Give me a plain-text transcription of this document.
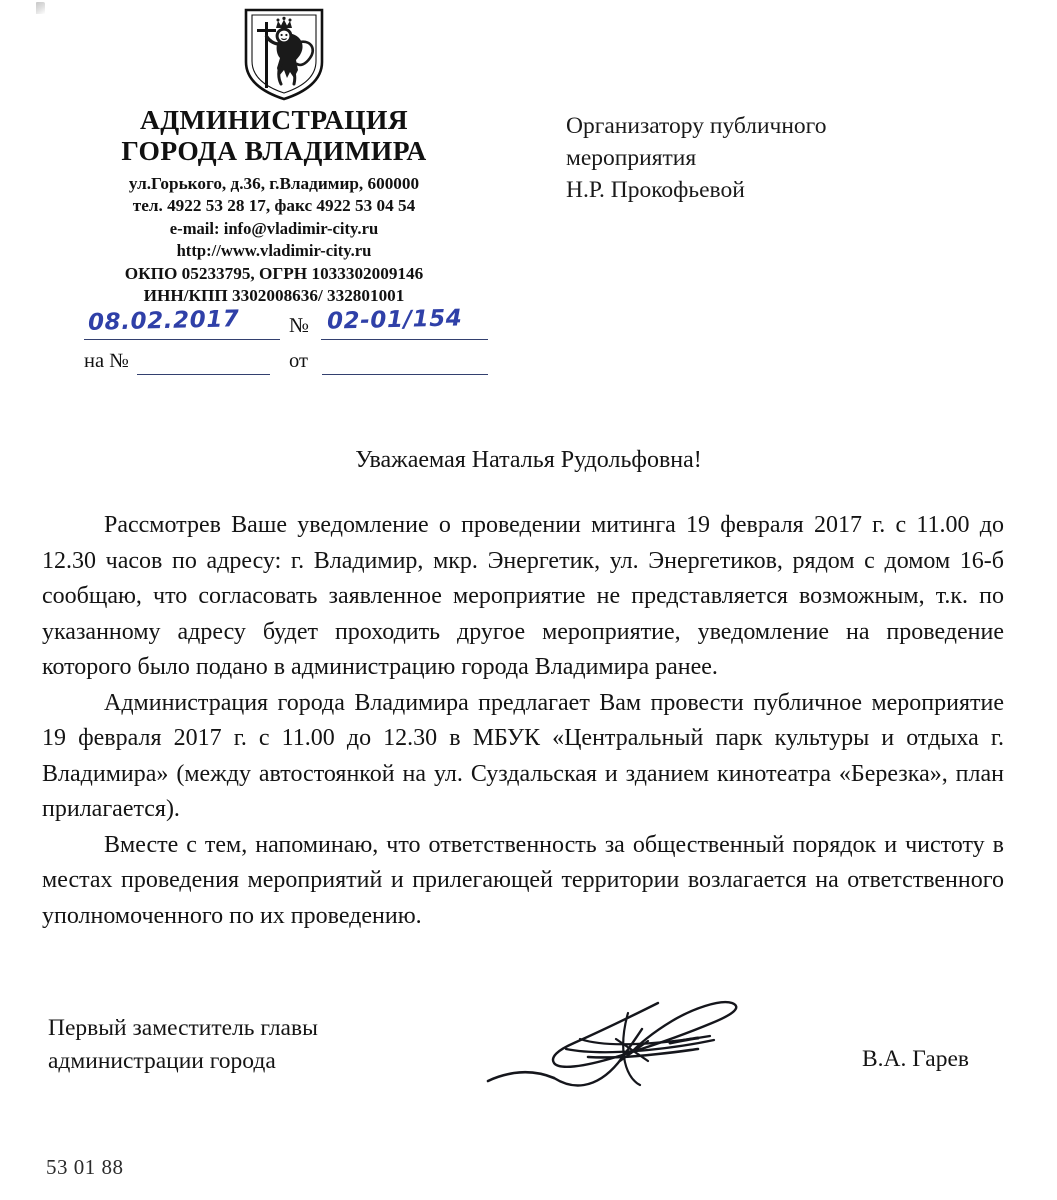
АДМИНИСТРАЦИЯ
ГОРОДА ВЛАДИМИРА
ул.Горького, д.36, г.Владимир, 600000
тел. 4922 53 28 17, факс 4922 53 04 54
e-mail: info@vladimir-city.ru
http://www.vladimir-city.ru
ОКПО 05233795, ОГРН 1033302009146
ИНН/КПП 3302008636/ 332801001
08.02.2017 № 02-01/154
на №	от
Организатору публичного
мероприятия
Н.Р. Прокофьевой
Уважаемая Наталья Рудольфовна!

Рассмотрев Ваше уведомление о проведении митинга 19 февраля 2017 г. с 11.00 до 12.30 часов по адресу: г. Владимир, мкр. Энергетик, ул. Энергетиков, рядом с домом 16-б сообщаю, что согласовать заявленное мероприятие не представляется возможным, т.к. по указанному адресу будет проходить другое мероприятие, уведомление на проведение которого было подано в администрацию города Владимира ранее.

Администрация города Владимира предлагает Вам провести публичное мероприятие 19 февраля 2017 г. с 11.00 до 12.30 в МБУК «Центральный парк культуры и отдыха г. Владимира» (между автостоянкой на ул. Суздальская и зданием кинотеатра «Березка», план прилагается).

Вместе с тем, напоминаю, что ответственность за общественный порядок и чистоту в местах проведения мероприятий и прилегающей территории возлагается на ответственного уполномоченного по их проведению.

Первый заместитель главы
администрации города	В.А. Гарев
53 01 88
